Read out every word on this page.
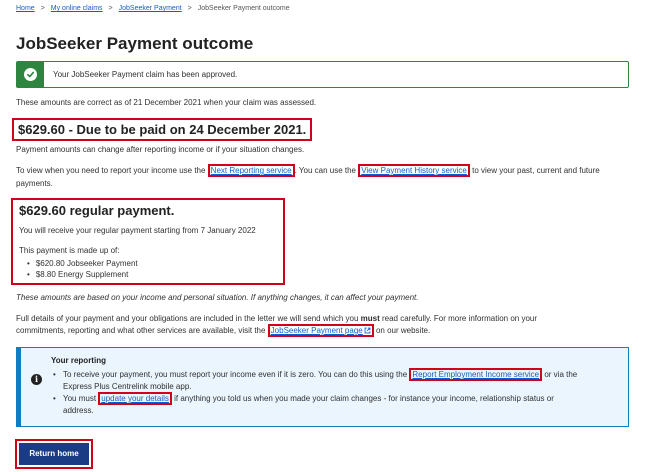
Home > My online claims > JobSeeker Payment > JobSeeker Payment outcome
JobSeeker Payment outcome
Your JobSeeker Payment claim has been approved.

These amounts are correct as of 21 December 2021 when your claim was assessed.

$629.60 - Due to be paid on 24 December 2021.

Payment amounts can change after reporting income or if your situation changes.

To view when you need to report your income use the Next Reporting service . You can use the View Payment History service to view your past, current and future

payments.

$629.60 regular payment.
You will receive your regular payment starting from 7 January 2022
This payment is made up of:
• $620.80 Jobseeker Payment
• $8.80 Energy Supplement

These amounts are based on your income and personal situation. If anything changes, it can affect your payment.

Full details of your payment and your obligations are included in the letter we will send which you must read carefully. For more information on your

commitments, reporting and what other services are available, visit the JobSeeker Payment page on our website.

i
Your reporting
• To receive your payment, you must report your income even if it is zero. You can do this using the Report Employment Income service or via the
Express Plus Centrelink mobile app.
• You must update your details if anything you told us when you made your claim changes - for instance your income, relationship status or
address.
Return home
